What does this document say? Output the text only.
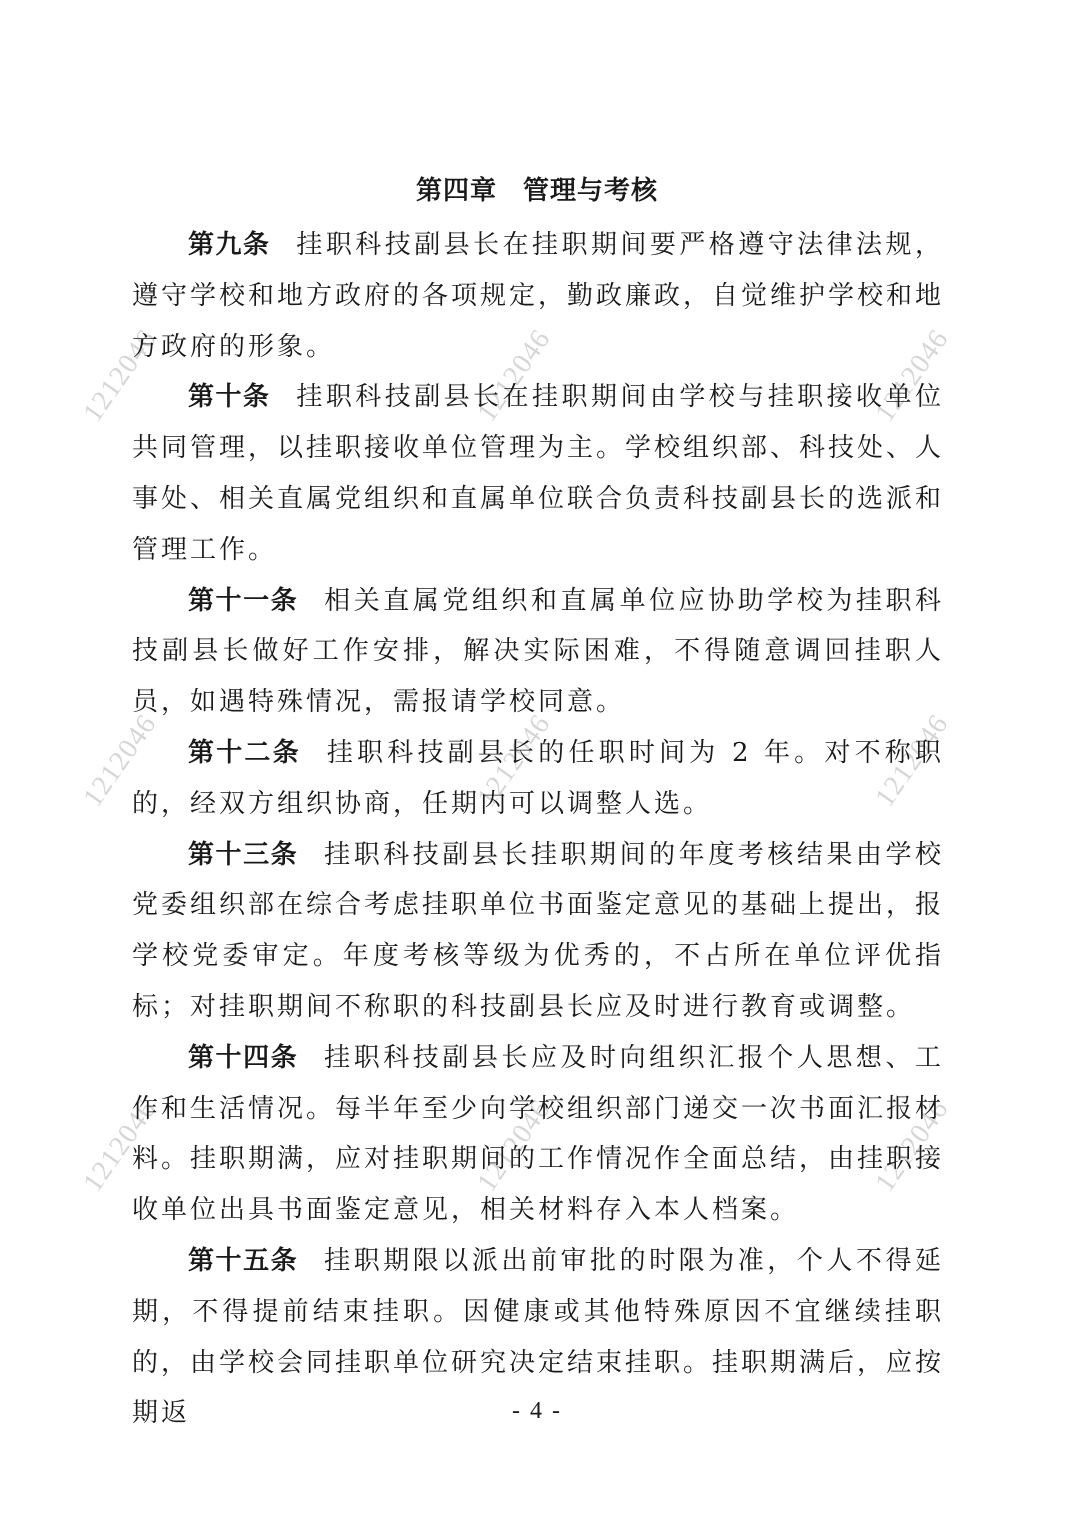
1212046	1212046	1212046
1212046	1212046	1212046
1212046	1212046	1212046
第四章 管理与考核

第九条 挂职科技副县长在挂职期间要严格遵守法律法规，遵守学校和地方政府的各项规定，勤政廉政，自觉维护学校和地方政府的形象。

第十条 挂职科技副县长在挂职期间由学校与挂职接收单位共同管理，以挂职接收单位管理为主。学校组织部、科技处、人事处、相关直属党组织和直属单位联合负责科技副县长的选派和管理工作。

第十一条 相关直属党组织和直属单位应协助学校为挂职科技副县长做好工作安排，解决实际困难，不得随意调回挂职人员，如遇特殊情况，需报请学校同意。

第十二条 挂职科技副县长的任职时间为 2 年。对不称职的，经双方组织协商，任期内可以调整人选。

第十三条 挂职科技副县长挂职期间的年度考核结果由学校党委组织部在综合考虑挂职单位书面鉴定意见的基础上提出，报学校党委审定。年度考核等级为优秀的，不占所在单位评优指标；对挂职期间不称职的科技副县长应及时进行教育或调整。

第十四条 挂职科技副县长应及时向组织汇报个人思想、工作和生活情况。每半年至少向学校组织部门递交一次书面汇报材料。挂职期满，应对挂职期间的工作情况作全面总结，由挂职接收单位出具书面鉴定意见，相关材料存入本人档案。

第十五条 挂职期限以派出前审批的时限为准，个人不得延期，不得提前结束挂职。因健康或其他特殊原因不宜继续挂职的，由学校会同挂职单位研究决定结束挂职。挂职期满后，应按期返	- 4 -
